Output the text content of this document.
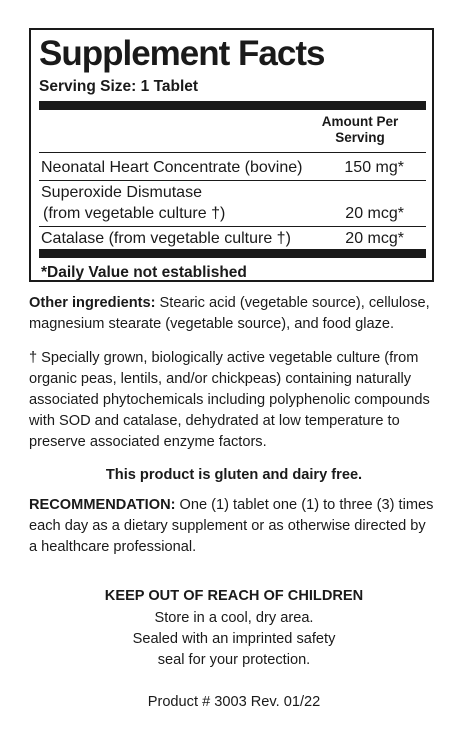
Supplement Facts
Serving Size: 1 Tablet
Amount Per
Serving
Neonatal Heart Concentrate (bovine)	150 mg*
Superoxide Dismutase
(from vegetable culture †)	20 mcg*
Catalase (from vegetable culture †)	20 mcg*
*Daily Value not established
Other ingredients: Stearic acid (vegetable source), cellulose,
magnesium stearate (vegetable source), and food glaze.
† Specially grown, biologically active vegetable culture (from
organic peas, lentils, and/or chickpeas) containing naturally
associated phytochemicals including polyphenolic compounds
with SOD and catalase, dehydrated at low temperature to
preserve associated enzyme factors.
This product is gluten and dairy free.
RECOMMENDATION: One (1) tablet one (1) to three (3) times
each day as a dietary supplement or as otherwise directed by
a healthcare professional.
KEEP OUT OF REACH OF CHILDREN
Store in a cool, dry area.
Sealed with an imprinted safety
seal for your protection.
Product # 3003 Rev. 01/22
